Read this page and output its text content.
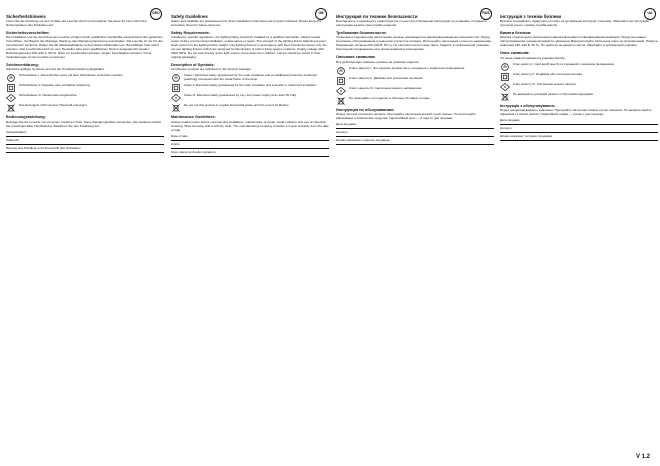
DEU
Sicherheitshinweis
Lesen Sie die Anleitung vor dem Aufbau der Leuchte durch und bewahren Sie diese für einen Abruf der Nutzungsdauer des Produktes auf.
Sicherheitsvorschriften:
Die Installation und der Anschluss der Leuchte erfolgen durch qualifizierte Fachkräfte entsprechend den geltenden Vorschriften. Vor Beginn der Montage, Wartung oder Reinigung Spannung ausschalten. Die Leuchte ist nur für den Innenbereich bestimmt. Halten Sie die Mindestabstände zu brennbaren Materialien ein. Beschädigte Teile sofort ersetzen. Das Leuchtmittel darf nur vom Hersteller oder einer qualifizierten Person ausgetauscht werden. Betriebsspannung 220–240 V, 50 Hz. Nicht ins Leuchtmittel schauen. Gegen Feuchtigkeit schützen. Keine Veränderungen an der Leuchte vornehmen.
Zeichenerklärung:
Sämtliche gültigen Symbole sind auf der Produktverpackung abgebildet.
Schutzklasse I. Diese Einheit muss mit dem Schutzleiter verbunden werden.
Schutzklasse II. Doppelte oder verstärkte Isolierung.
III
Schutzklasse III. Niederspannungsleuchte.
Das Erzeugnis nicht mit dem Hausmüll entsorgen.
Bedienungsanleitung:
Reinigen Sie die Leuchte nur mit einem trockenen Tuch. Keine Reinigungsmittel verwenden. Die Garantie erlischt bei unsachgemäßer Handhabung. Bewahren Sie den Kaufbeleg auf.
Verkaufsdatum
Artikel-Nr.
Stempel des Händlers und Unterschrift des Verkäufers
GB
Safety Guidelines
Safety and reliability are guaranteed only when installation instructions are properly followed. Please keep this instruction sheet for future reference.
Safety Requirements:
Installed by specific regulations, the lighting fitting should be installed by a qualified electrician. Always isolate power before commencing installation, maintenance or repair. The strength of the lighting fixture attachment point shall conform to the lighting fixture weight. Use lighting fixtures in accordance with their intended purpose only. Do not use lighting fixtures which are designed for illumination of indoor living spaces outdoors. Supply voltage 220–240V 50Hz. Do not look directly at the light source. Keep away from children. Lamps should be stored in their original packaging.
Description of Symbols:
All effective symbols are indicated on the product package.
Class I: Electrical safety guaranteed by the main insulation and an additional protective conductor (earthing) connected with the metal frame of the lamp.
Class II: Electrical safety guaranteed by the main insulation and a double or reinforced insulation.
III
Class III: Electrical safety guaranteed by very low power supply (less than 50 Volt).
Do not put this product in regular household waste until the end of its lifetime.
Maintenance Guidelines:
Always isolate power before commencing installation, maintenance or repair. Avoid moisture and use of chemical cleaning. Wipe the lamp with a soft dry cloth. The manufacturing company provides a 2-year warranty from the date of sale.
Date of sale
Article
Store stamp and seller signature
RUS
Инструкция по технике безопасности
Безопасность и надежность гарантируются только при соблюдении инструкции по установке. Сохраните инструкцию на весь срок службы изделия.
Требования безопасности:
Установка и подключение светильника должны производиться квалифицированным специалистом. Перед монтажом, обслуживанием и ремонтом отключите питание. Используйте светильник только по назначению. Напряжение питания 220–240 В, 50 Гц. Не смотрите на источник света. Храните в оригинальной упаковке. Светильник предназначен для использования в помещениях.
Описание символов:
Все действующие символы указаны на упаковке изделия.
Класс защиты I. Это изделие должно быть соединено с защитным проводником.
Класс защиты II. Двойная или усиленная изоляция.
III
Класс защиты III. Светильник низкого напряжения.
Не помещайте это изделие в обычные бытовые отходы.
Инструкция по обслуживанию:
Перед чисткой отключите питание. Протирайте светильник мягкой сухой тканью. Не используйте абразивные и химические средства. Гарантийный срок — 2 года со дня продажи.
Дата продажи
Артикул
Штамп магазина и подпись продавца
UA
Інструкція з техніки безпеки
Безпека та надійність гарантуються лише за дотримання інструкції з монтажу. Зберігайте цю інструкцію протягом усього терміну служби виробу.
Вимоги безпеки:
Монтаж і підключення світильника повинні виконуватися кваліфікованим фахівцем. Перед монтажем, обслуговуванням і ремонтом вимкніть живлення. Використовуйте світильник лише за призначенням. Напруга живлення 220–240 В, 50 Гц. Не дивіться на джерело світла. Зберігайте в оригінальній упаковці.
Опис символів:
Усі чинні символи вказані на упаковці виробу.
Клас захисту I. Цей виріб має бути з'єднаний із захисним провідником.
Клас захисту II. Подвійна або посилена ізоляція.
III
Клас захисту III. Світильник низької напруги.
Не викидайте цей виріб разом із побутовими відходами.
Інструкція з обслуговування:
Перед чищенням вимкніть живлення. Протирайте світильник м'якою сухою тканиною. Не використовуйте абразивні та хімічні засоби. Гарантійний термін — 2 роки з дня продажу.
Дата продажу
Артикул
Штамп магазину та підпис продавця
V 1.2
